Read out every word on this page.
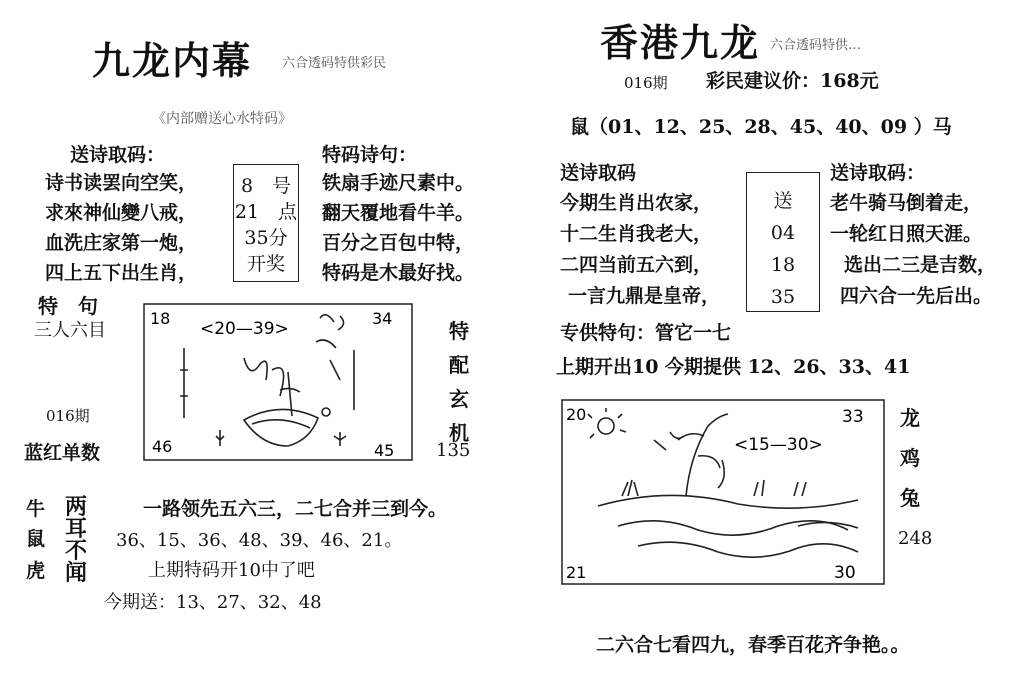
九龙内幕 六合透码特供彩民
《内部赠送心水特码》
送诗取码：
诗书读罢向空笑，
求來神仙變八戒，
血洗庄家第一炮，
四上五下出生肖，
8　号
21　点
35分
开奖
特码诗句：
铁扇手迹尺素中。
翻天覆地看牛羊。
百分之百包中特，
特码是木最好找。
特　句
三人六目
016期
蓝红单数	135
特
配
玄
机
18
<20—39>
34
46	45
牛	一路领先五六三，二七合并三到今。
鼠	36、15、36、48、39、46、21。
虎	上期特码开10中了吧
两
耳
不
闻
今期送：13、27、32、48
香港九龙 六合透码特供…
016期 彩民建议价：168元
鼠（01、12、25、28、45、40、09 ）马
送诗取码
今期生肖出农家，
十二生肖我老大，
二四当前五六到，
一言九鼎是皇帝，
送
04
18
35
送诗取码：
老牛骑马倒着走，
一轮红日照天涯。
选出二三是吉数，
四六合一先后出。
专供特句：管它一七
上期开出10 今期提供 12、26、33、41
20
<15—30>
33
21	30
龙
鸡
兔
248
二六合七看四九，春季百花齐争艳。。
